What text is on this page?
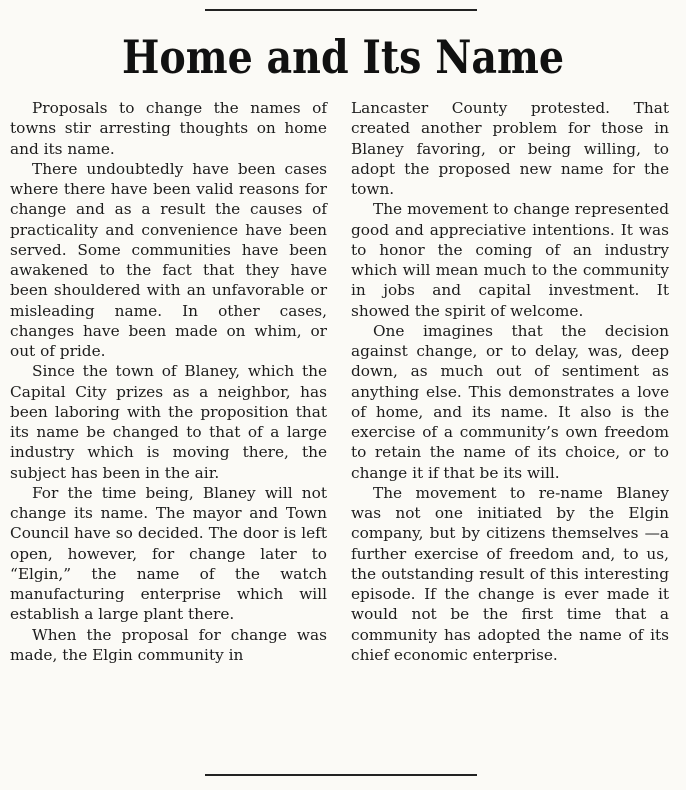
Home and Its Name

Proposals to change the names of towns stir arresting thoughts on home and its name.

There undoubtedly have been cases where there have been valid reasons for change and as a result the causes of practicality and convenience have been served. Some communities have been awakened to the fact that they have been shouldered with an unfavorable or misleading name. In other cases, changes have been made on whim, or out of pride.

Since the town of Blaney, which the Capital City prizes as a neighbor, has been laboring with the proposition that its name be changed to that of a large industry which is moving there, the subject has been in the air.

For the time being, Blaney will not change its name. The mayor and Town Council have so decided. The door is left open, however, for change later to “Elgin,” the name of the watch manufacturing enterprise which will establish a large plant there.

When the proposal for change was made, the Elgin community in

Lancaster County protested. That created another problem for those in Blaney favoring, or being willing, to adopt the proposed new name for the town.

The movement to change represented good and appreciative intentions. It was to honor the coming of an industry which will mean much to the community in jobs and capital investment. It showed the spirit of welcome.

One imagines that the decision against change, or to delay, was, deep down, as much out of sentiment as anything else. This demonstrates a love of home, and its name. It also is the exercise of a community’s own freedom to retain the name of its choice, or to change it if that be its will.

The movement to re-name Blaney was not one initiated by the Elgin company, but by citizens themselves —a further exercise of freedom and, to us, the outstanding result of this interesting episode. If the change is ever made it would not be the first time that a community has adopted the name of its chief economic enterprise.
